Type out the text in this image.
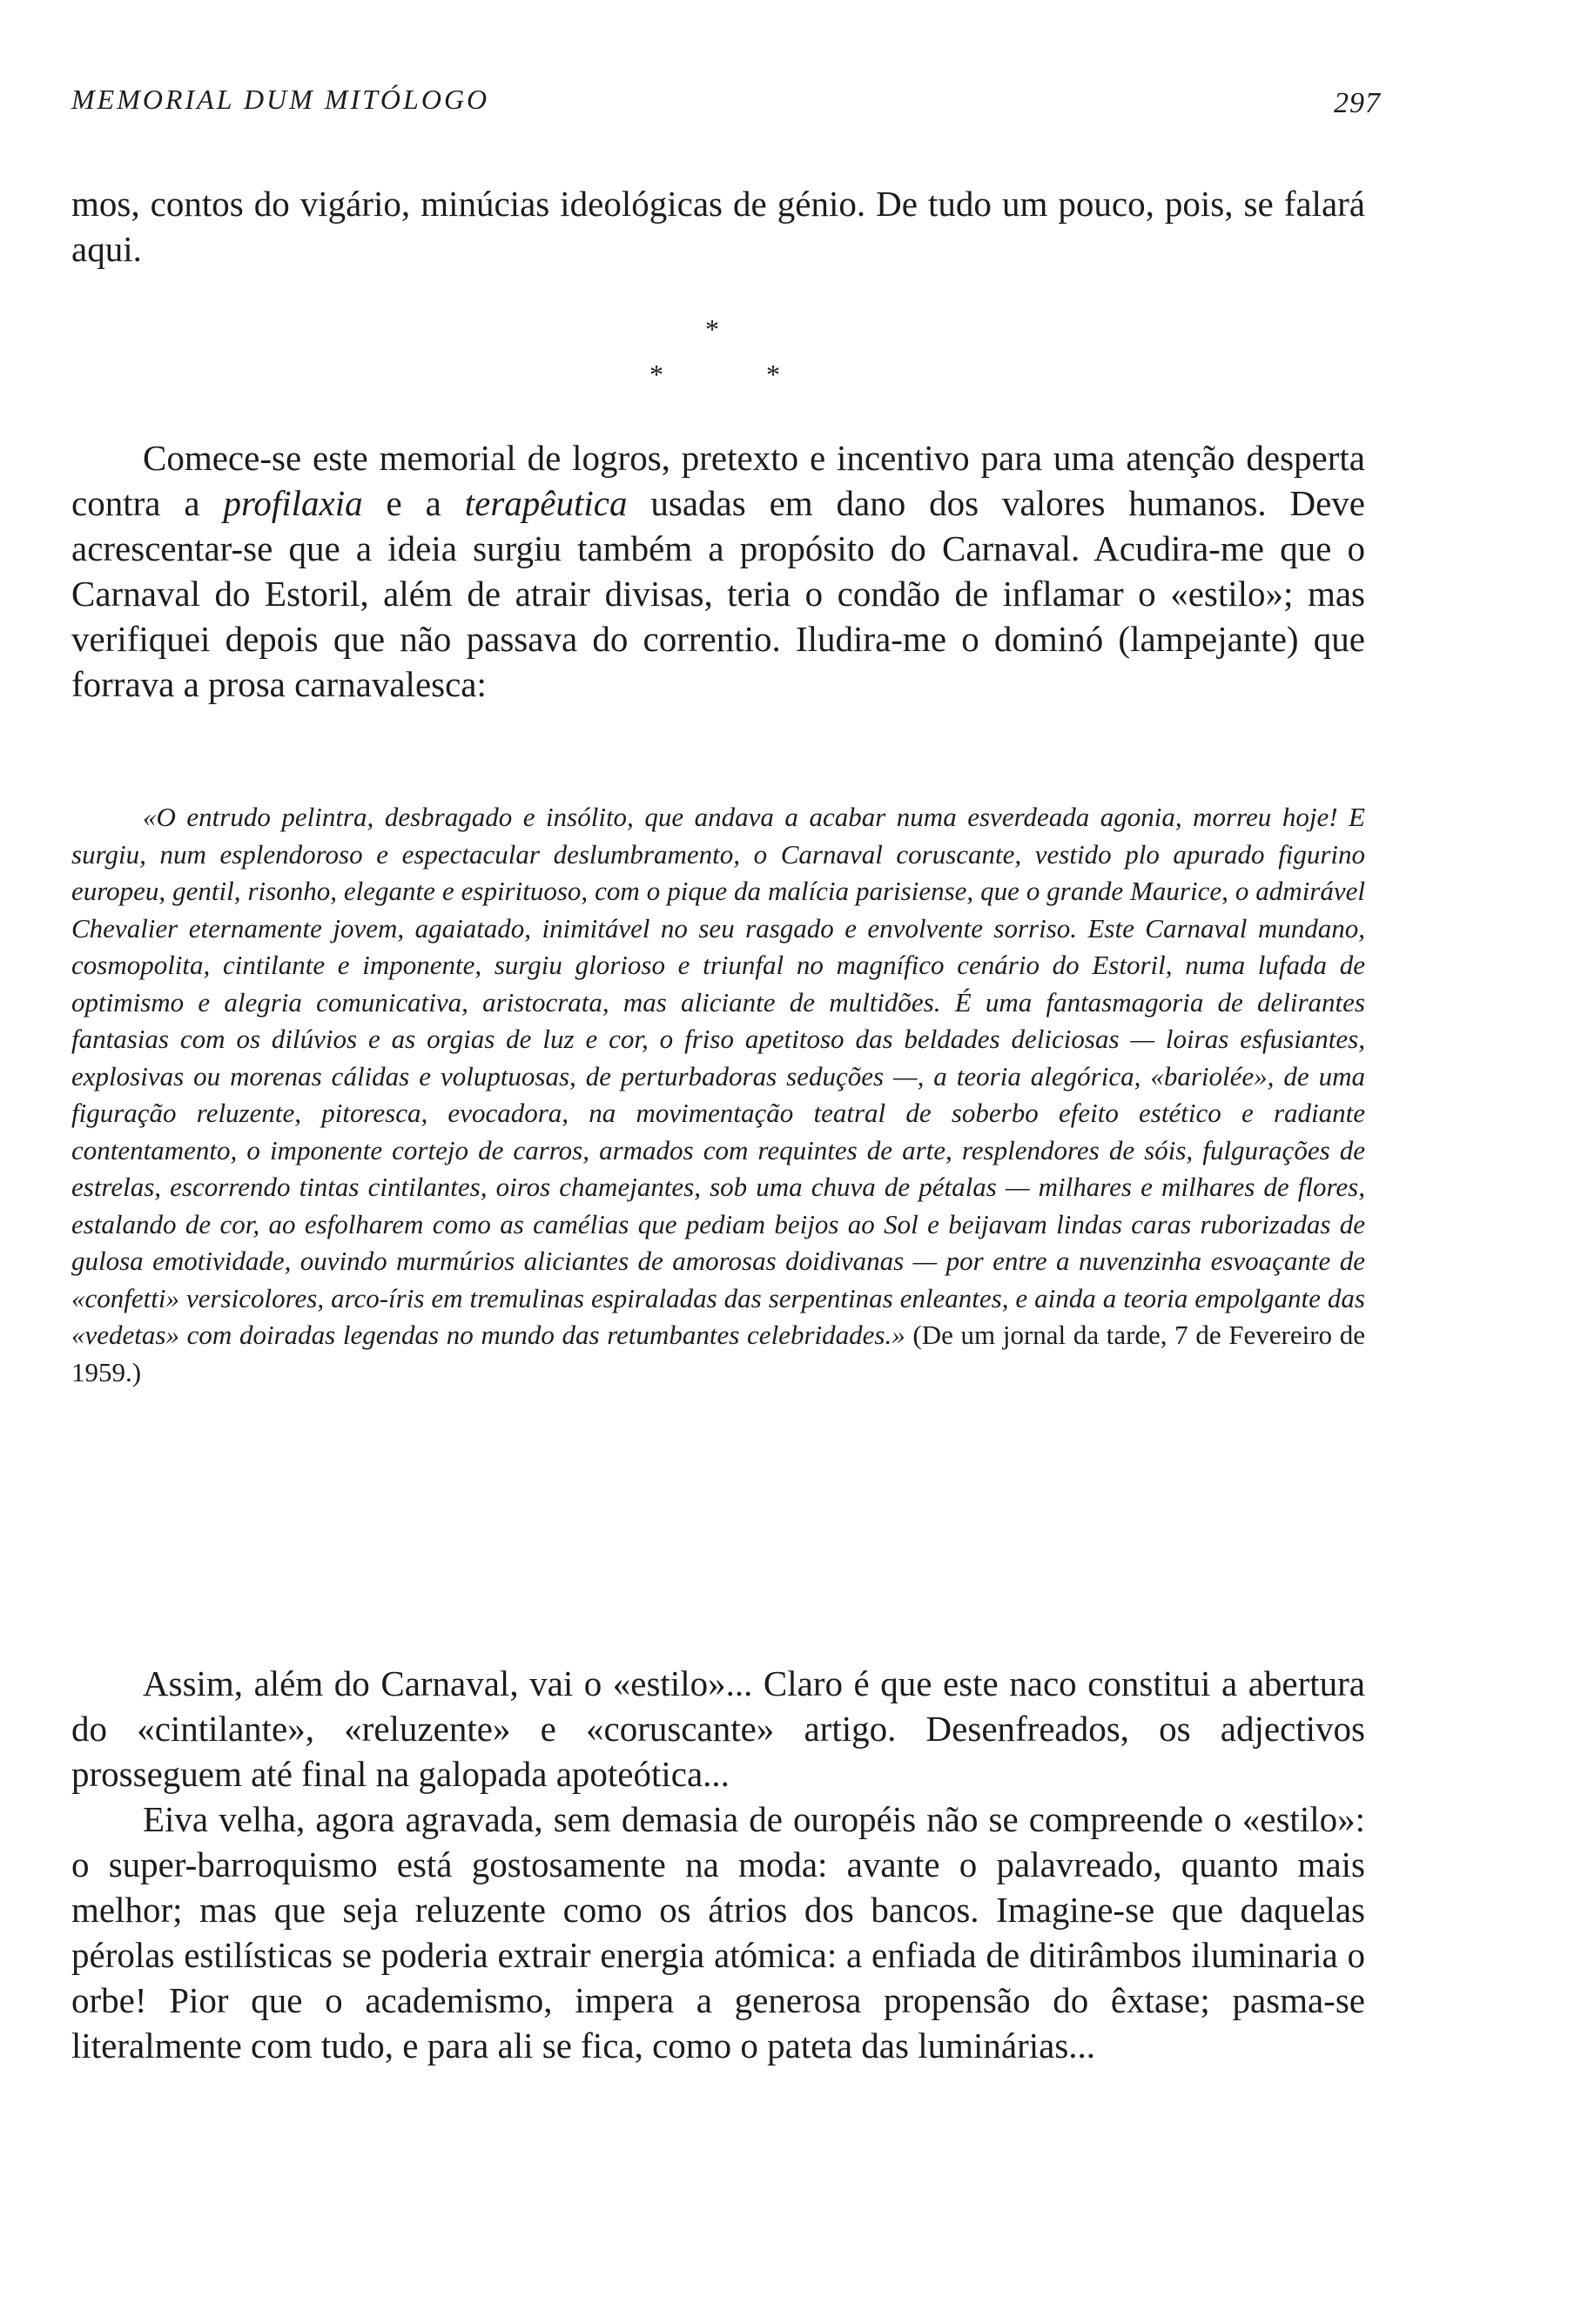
MEMORIAL DUM MITÓLOGO	297

mos, contos do vigário, minúcias ideológicas de génio. De tudo um pouco, pois, se falará aqui.

*
*	*

Comece-se este memorial de logros, pretexto e incentivo para uma atenção desperta contra a profilaxia e a terapêutica usadas em dano dos valores humanos. Deve acrescentar-se que a ideia surgiu também a propósito do Carnaval. Acudira-me que o Carnaval do Estoril, além de atrair divisas, teria o condão de inflamar o «estilo»; mas verifiquei depois que não passava do correntio. Iludira-me o dominó (lampejante) que forrava a prosa carnavalesca:

«O entrudo pelintra, desbragado e insólito, que andava a acabar numa esverdeada agonia, morreu hoje! E surgiu, num esplendoroso e espectacular deslumbramento, o Carnaval coruscante, vestido plo apurado figurino europeu, gentil, risonho, elegante e espirituoso, com o pique da malícia parisiense, que o grande Maurice, o admirável Chevalier eternamente jovem, agaiatado, inimitável no seu rasgado e envolvente sorriso. Este Carnaval mundano, cosmopolita, cintilante e imponente, surgiu glorioso e triunfal no magnífico cenário do Estoril, numa lufada de optimismo e alegria comunicativa, aristocrata, mas aliciante de multidões. É uma fantasmagoria de delirantes fantasias com os dilúvios e as orgias de luz e cor, o friso apetitoso das beldades deliciosas — loiras esfusiantes, explosivas ou morenas cálidas e voluptuosas, de perturbadoras seduções —, a teoria alegórica, «bariolée», de uma figuração reluzente, pitoresca, evocadora, na movimentação teatral de soberbo efeito estético e radiante contentamento, o imponente cortejo de carros, armados com requintes de arte, resplendores de sóis, fulgurações de estrelas, escorrendo tintas cintilantes, oiros chamejantes, sob uma chuva de pétalas — milhares e milhares de flores, estalando de cor, ao esfolharem como as camélias que pediam beijos ao Sol e beijavam lindas caras ruborizadas de gulosa emotividade, ouvindo murmúrios aliciantes de amorosas doidivanas — por entre a nuvenzinha esvoaçante de «confetti» versicolores, arco-íris em tremulinas espiraladas das serpentinas enleantes, e ainda a teoria empolgante das «vedetas» com doiradas legendas no mundo das retumbantes celebridades.» (De um jornal da tarde, 7 de Fevereiro de 1959.)

Assim, além do Carnaval, vai o «estilo»... Claro é que este naco constitui a abertura do «cintilante», «reluzente» e «coruscante» artigo. Desenfreados, os adjectivos prosseguem até final na galopada apoteótica...

Eiva velha, agora agravada, sem demasia de ouropéis não se compreende o «estilo»: o super-barroquismo está gostosamente na moda: avante o palavreado, quanto mais melhor; mas que seja reluzente como os átrios dos bancos. Imagine-se que daquelas pérolas estilísticas se poderia extrair energia atómica: a enfiada de ditirâmbos iluminaria o orbe! Pior que o academismo, impera a generosa propensão do êxtase; pasma-se literalmente com tudo, e para ali se fica, como o pateta das luminárias...
